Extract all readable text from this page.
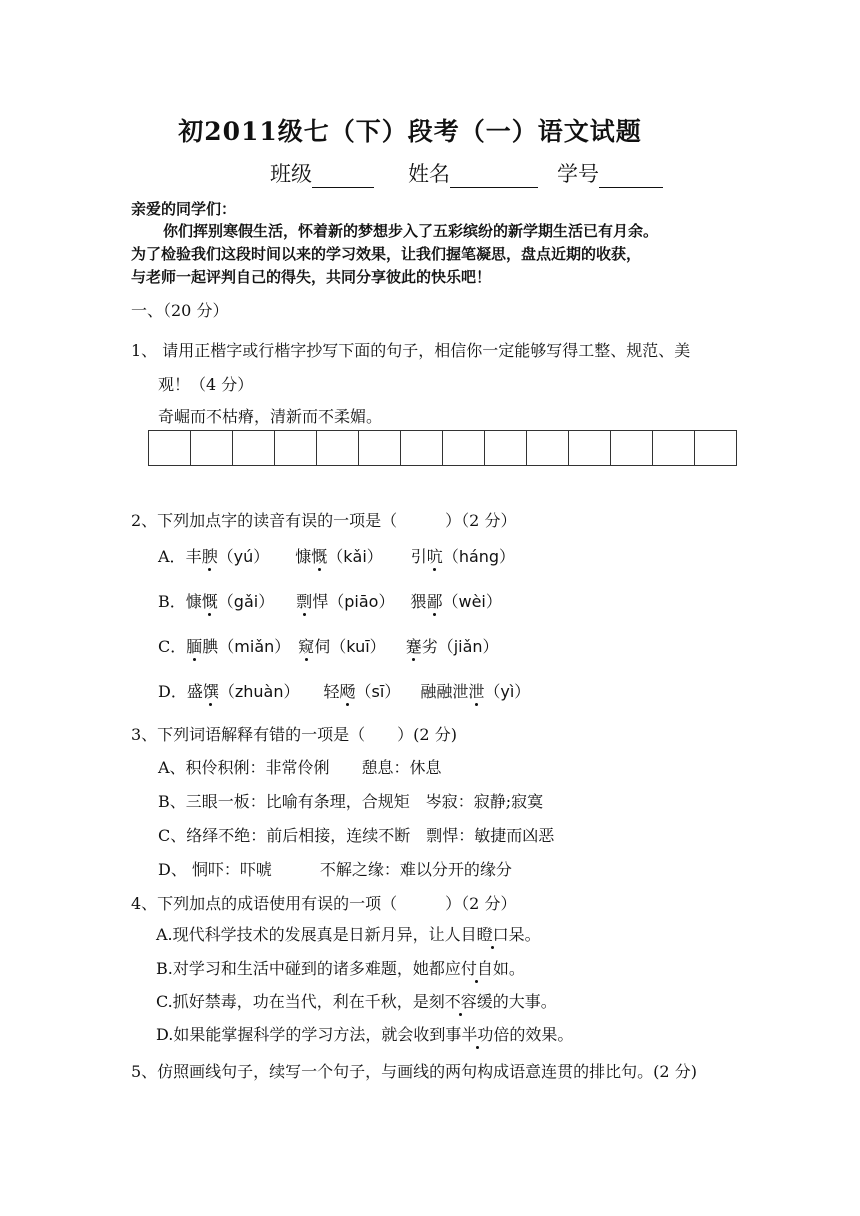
初2011级七（下）段考（一）语文试题
班级	姓名	学号
亲爱的同学们：
你们挥别寒假生活，怀着新的梦想步入了五彩缤纷的新学期生活已有月余。
为了检验我们这段时间以来的学习效果，让我们握笔凝思，盘点近期的收获，
与老师一起评判自己的得失，共同分享彼此的快乐吧！
一、（20 分）
1、 请用正楷字或行楷字抄写下面的句子，相信你一定能够写得工整、规范、美
观！（4 分）
奇崛而不枯瘠，清新而不柔媚。
2、下列加点字的读音有误的一项是（　　　）（2 分）
A．丰腴（yú） 慷慨（kǎi） 引吭（háng）
B．慷慨（gǎi） 剽悍（piāo） 猥鄙（wèi）
C．腼腆（miǎn） 窥伺（kuī） 蹇劣（jiǎn）
D．盛馔（zhuàn） 轻飏（sī） 融融泄泄（yì）
3、下列词语解释有错的一项是（　　）(2 分)
A、积伶积俐：非常伶俐　　憩息：休息
B、三眼一板：比喻有条理，合规矩　岑寂：寂静;寂寞
C、络绎不绝：前后相接，连续不断　剽悍：敏捷而凶恶
D、 恫吓：吓唬　　　不解之缘：难以分开的缘分
4、下列加点的成语使用有误的一项（　　　）（2 分）
A.现代科学技术的发展真是日新月异，让人目瞪口呆。
B.对学习和生活中碰到的诸多难题，她都应付自如。
C.抓好禁毒，功在当代，利在千秋，是刻不容缓的大事。
D.如果能掌握科学的学习方法，就会收到事半功倍的效果。
5、仿照画线句子，续写一个句子，与画线的两句构成语意连贯的排比句。(2 分)
